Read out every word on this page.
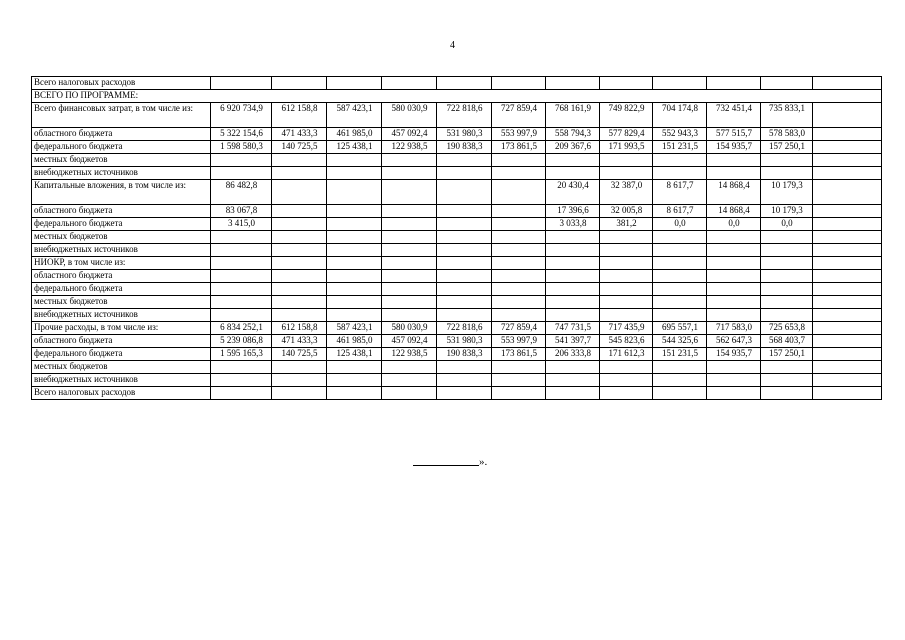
4
Всего налоговых расходов												
ВСЕГО ПО ПРОГРАММЕ:												
Всего финансовых затрат, в том числе из:	6 920 734,9	612 158,8	587 423,1	580 030,9	722 818,6	727 859,4	768 161,9	749 822,9	704 174,8	732 451,4	735 833,1	
областного бюджета	5 322 154,6	471 433,3	461 985,0	457 092,4	531 980,3	553 997,9	558 794,3	577 829,4	552 943,3	577 515,7	578 583,0	
федерального бюджета	1 598 580,3	140 725,5	125 438,1	122 938,5	190 838,3	173 861,5	209 367,6	171 993,5	151 231,5	154 935,7	157 250,1	
местных бюджетов												
внебюджетных источников												
Капитальные вложения, в том числе из:	86 482,8						20 430,4	32 387,0	8 617,7	14 868,4	10 179,3	
областного бюджета	83 067,8						17 396,6	32 005,8	8 617,7	14 868,4	10 179,3	
федерального бюджета	3 415,0						3 033,8	381,2	0,0	0,0	0,0	
местных бюджетов												
внебюджетных источников												
НИОКР, в том числе из:												
областного бюджета												
федерального бюджета												
местных бюджетов												
внебюджетных источников												
Прочие расходы, в том числе из:	6 834 252,1	612 158,8	587 423,1	580 030,9	722 818,6	727 859,4	747 731,5	717 435,9	695 557,1	717 583,0	725 653,8	
областного бюджета	5 239 086,8	471 433,3	461 985,0	457 092,4	531 980,3	553 997,9	541 397,7	545 823,6	544 325,6	562 647,3	568 403,7	
федерального бюджета	1 595 165,3	140 725,5	125 438,1	122 938,5	190 838,3	173 861,5	206 333,8	171 612,3	151 231,5	154 935,7	157 250,1	
местных бюджетов												
внебюджетных источников												
Всего налоговых расходов												
».
